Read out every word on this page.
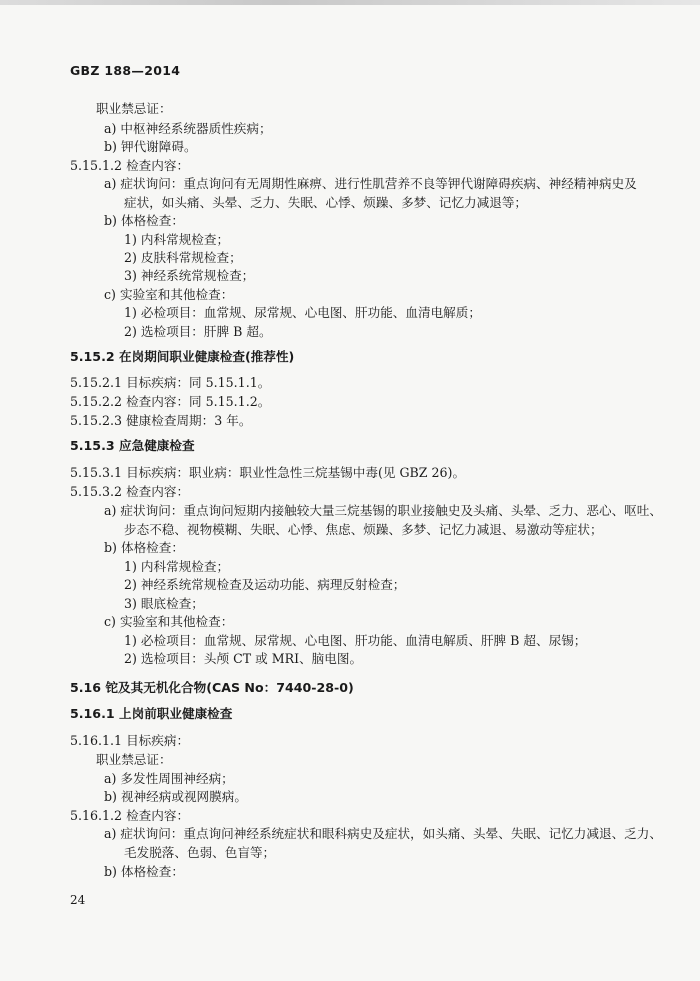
GBZ 188—2014
职业禁忌证：
a) 中枢神经系统器质性疾病；
b) 钾代谢障碍。
5.15.1.2 检查内容：
a) 症状询问：重点询问有无周期性麻痹、进行性肌营养不良等钾代谢障碍疾病、神经精神病史及
症状，如头痛、头晕、乏力、失眠、心悸、烦躁、多梦、记忆力减退等；
b) 体格检查：
1) 内科常规检查；
2) 皮肤科常规检查；
3) 神经系统常规检查；
c) 实验室和其他检查：
1) 必检项目：血常规、尿常规、心电图、肝功能、血清电解质；
2) 选检项目：肝脾 B 超。
5.15.2 在岗期间职业健康检查(推荐性)
5.15.2.1 目标疾病：同 5.15.1.1。
5.15.2.2 检查内容：同 5.15.1.2。
5.15.2.3 健康检查周期：3 年。
5.15.3 应急健康检查
5.15.3.1 目标疾病：职业病：职业性急性三烷基锡中毒(见 GBZ 26)。
5.15.3.2 检查内容：
a) 症状询问：重点询问短期内接触较大量三烷基锡的职业接触史及头痛、头晕、乏力、恶心、呕吐、
步态不稳、视物模糊、失眠、心悸、焦虑、烦躁、多梦、记忆力减退、易激动等症状；
b) 体格检查：
1) 内科常规检查；
2) 神经系统常规检查及运动功能、病理反射检查；
3) 眼底检查；
c) 实验室和其他检查：
1) 必检项目：血常规、尿常规、心电图、肝功能、血清电解质、肝脾 B 超、尿锡；
2) 选检项目：头颅 CT 或 MRI、脑电图。
5.16 铊及其无机化合物(CAS No：7440-28-0)
5.16.1 上岗前职业健康检查
5.16.1.1 目标疾病：
职业禁忌证：
a) 多发性周围神经病；
b) 视神经病或视网膜病。
5.16.1.2 检查内容：
a) 症状询问：重点询问神经系统症状和眼科病史及症状，如头痛、头晕、失眠、记忆力减退、乏力、
毛发脱落、色弱、色盲等；
b) 体格检查：
24
